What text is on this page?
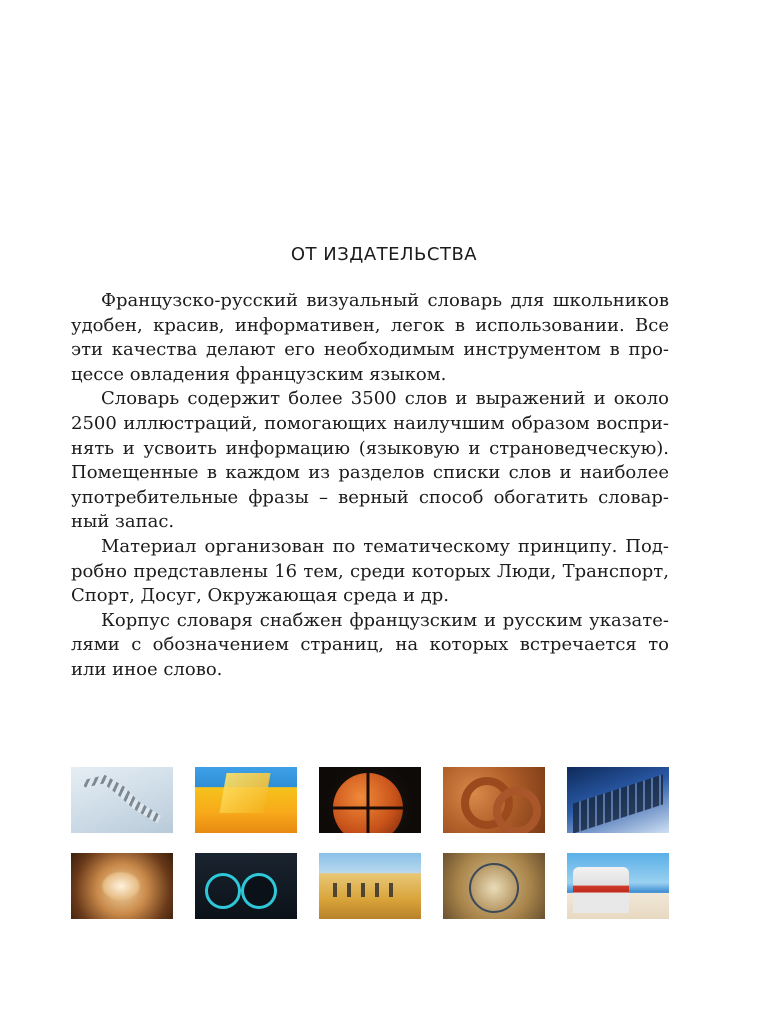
ОТ ИЗДАТЕЛЬСТВА

Французско-русский визуальный словарь для школьников удобен, красив, информативен, легок в использовании. Все эти качества делают его необходимым инструментом в процессе овладения французским языком.

Словарь содержит более 3500 слов и выражений и около 2500 иллюстраций, помогающих наилучшим образом воспринять и усвоить информацию (языковую и страноведческую). Помещенные в каждом из разделов списки слов и наиболее употребительные фразы – верный способ обогатить словарный запас.

Материал организован по тематическому принципу. Подробно представлены 16 тем, среди которых Люди, Транспорт, Спорт, Досуг, Окружающая среда и др.

Корпус словаря снабжен французским и русским указателями с обозначением страниц, на которых встречается то или иное слово.
